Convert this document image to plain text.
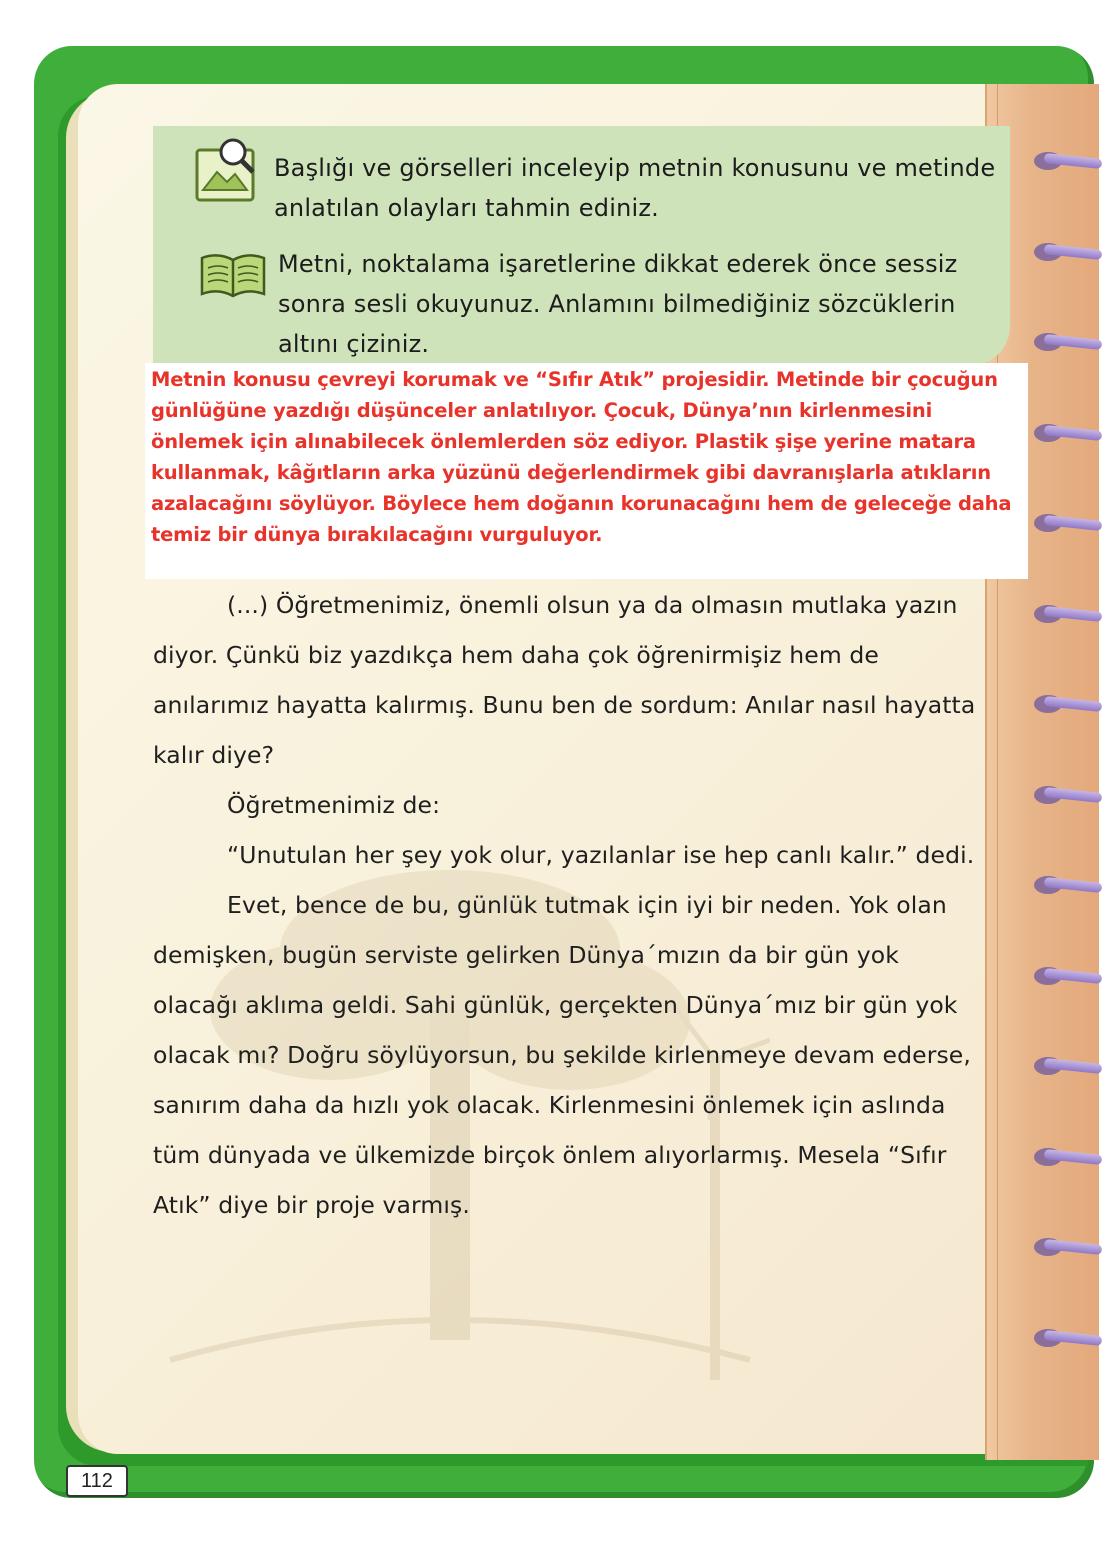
Başlığı ve görselleri inceleyip metnin konusunu ve metinde anlatılan olayları tahmin ediniz.
Metni, noktalama işaretlerine dikkat ederek önce sessiz sonra sesli okuyunuz. Anlamını bilmediğiniz sözcüklerin altını çiziniz.
Metnin konusu çevreyi korumak ve “Sıfır Atık” projesidir. Metinde bir çocuğun günlüğüne yazdığı düşünceler anlatılıyor. Çocuk, Dünya’nın kirlenmesini önlemek için alınabilecek önlemlerden söz ediyor. Plastik şişe yerine matara kullanmak, kâğıtların arka yüzünü değerlendirmek gibi davranışlarla atıkların azalacağını söylüyor. Böylece hem doğanın korunacağını hem de geleceğe daha temiz bir dünya bırakılacağını vurguluyor.

(...) Öğretmenimiz, önemli olsun ya da olmasın mutlaka yazın diyor. Çünkü biz yazdıkça hem daha çok öğrenirmişiz hem de anılarımız hayatta kalırmış. Bunu ben de sordum: Anılar nasıl hayatta kalır diye?

Öğretmenimiz de:

“Unutulan her şey yok olur, yazılanlar ise hep canlı kalır.” dedi.

Evet, bence de bu, günlük tutmak için iyi bir neden. Yok olan demişken, bugün serviste gelirken Dünya´mızın da bir gün yok olacağı aklıma geldi. Sahi günlük, gerçekten Dünya´mız bir gün yok olacak mı? Doğru söylüyorsun, bu şekilde kirlenmeye devam ederse, sanırım daha da hızlı yok olacak. Kirlenmesini önlemek için aslında tüm dünyada ve ülkemizde birçok önlem alıyorlarmış. Mesela “Sıfır Atık” diye bir proje varmış.

112
